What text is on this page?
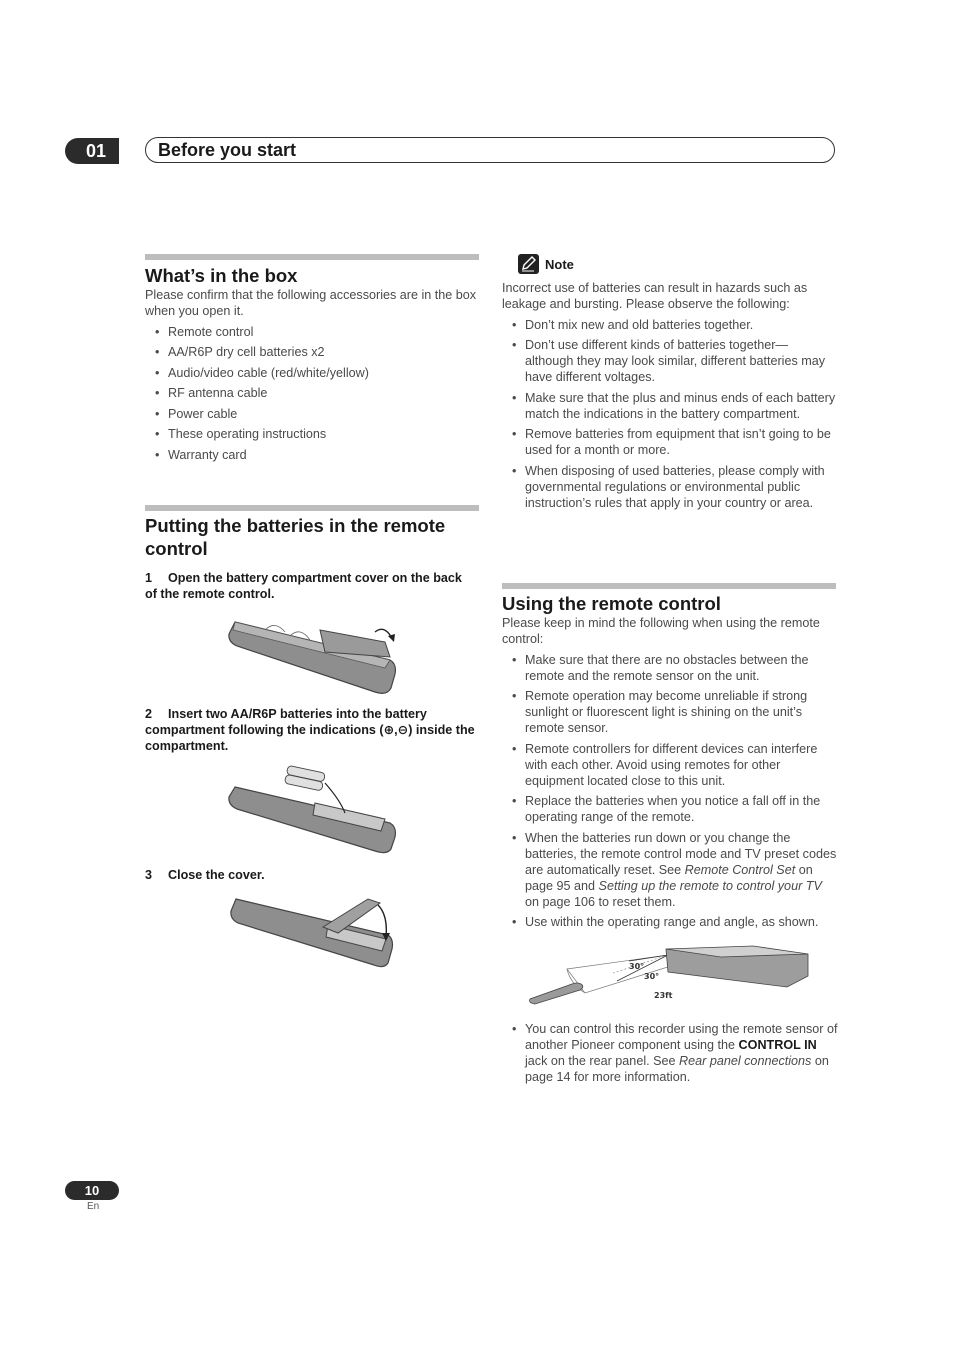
01	Before you start
What’s in the box
Please confirm that the following accessories are in the box when you open it.
• Remote control
• AA/R6P dry cell batteries x2
• Audio/video cable (red/white/yellow)
• RF antenna cable
• Power cable
• These operating instructions
• Warranty card
Putting the batteries in the remote control
1 Open the battery compartment cover on the back of the remote control.
2 Insert two AA/R6P batteries into the battery compartment following the indications (⊕,⊖) inside the compartment.
3 Close the cover.
Note
Incorrect use of batteries can result in hazards such as leakage and bursting. Please observe the following:
• Don’t mix new and old batteries together.
• Don’t use different kinds of batteries together—although they may look similar, different batteries may have different voltages.
• Make sure that the plus and minus ends of each battery match the indications in the battery compartment.
• Remove batteries from equipment that isn’t going to be used for a month or more.
• When disposing of used batteries, please comply with governmental regulations or environmental public instruction’s rules that apply in your country or area.
Using the remote control
Please keep in mind the following when using the remote control:
• Make sure that there are no obstacles between the remote and the remote sensor on the unit.
• Remote operation may become unreliable if strong sunlight or fluorescent light is shining on the unit’s remote sensor.
• Remote controllers for different devices can interfere with each other. Avoid using remotes for other equipment located close to this unit.
• Replace the batteries when you notice a fall off in the operating range of the remote.
• When the batteries run down or you change the batteries, the remote control mode and TV preset codes are automatically reset. See Remote Control Set on page 95 and Setting up the remote to control your TV on page 106 to reset them.
• Use within the operating range and angle, as shown.
30°
30°
23ft
• You can control this recorder using the remote sensor of another Pioneer component using the CONTROL IN jack on the rear panel. See Rear panel connections on page 14 for more information.
10
En
